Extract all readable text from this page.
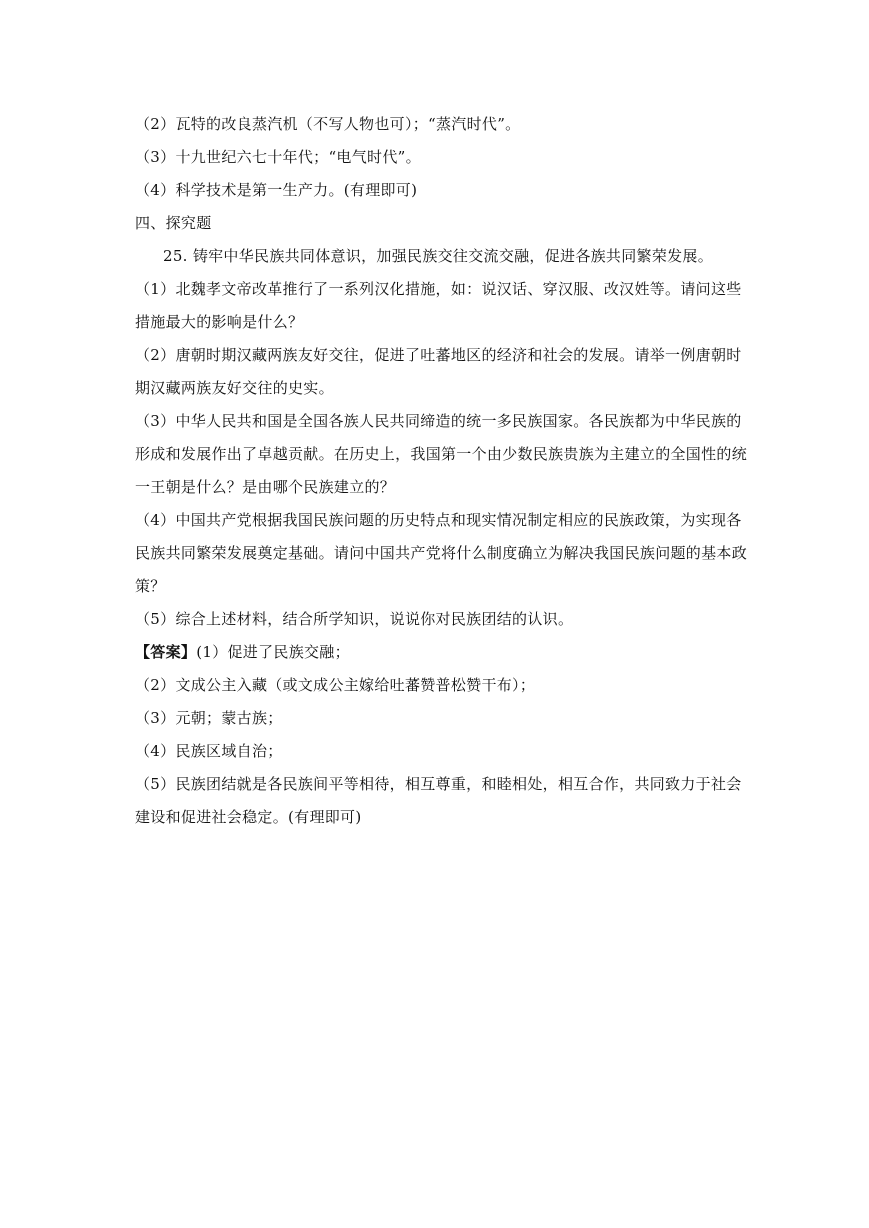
（2）瓦特的改良蒸汽机（不写人物也可）；“蒸汽时代”。
（3）十九世纪六七十年代；“电气时代”。
（4）科学技术是第一生产力。(有理即可)
四、探究题
25. 铸牢中华民族共同体意识，加强民族交往交流交融，促进各族共同繁荣发展。
（1）北魏孝文帝改革推行了一系列汉化措施，如：说汉话、穿汉服、改汉姓等。请问这些
措施最大的影响是什么？
（2）唐朝时期汉藏两族友好交往，促进了吐蕃地区的经济和社会的发展。请举一例唐朝时
期汉藏两族友好交往的史实。
（3）中华人民共和国是全国各族人民共同缔造的统一多民族国家。各民族都为中华民族的
形成和发展作出了卓越贡献。在历史上，我国第一个由少数民族贵族为主建立的全国性的统
一王朝是什么？是由哪个民族建立的？
（4）中国共产党根据我国民族问题的历史特点和现实情况制定相应的民族政策，为实现各
民族共同繁荣发展奠定基础。请问中国共产党将什么制度确立为解决我国民族问题的基本政
策？
（5）综合上述材料，结合所学知识，说说你对民族团结的认识。
【答案】(1）促进了民族交融；
（2）文成公主入藏（或文成公主嫁给吐蕃赞普松赞干布）；
（3）元朝；蒙古族；
（4）民族区域自治；
（5）民族团结就是各民族间平等相待，相互尊重，和睦相处，相互合作，共同致力于社会
建设和促进社会稳定。(有理即可)
